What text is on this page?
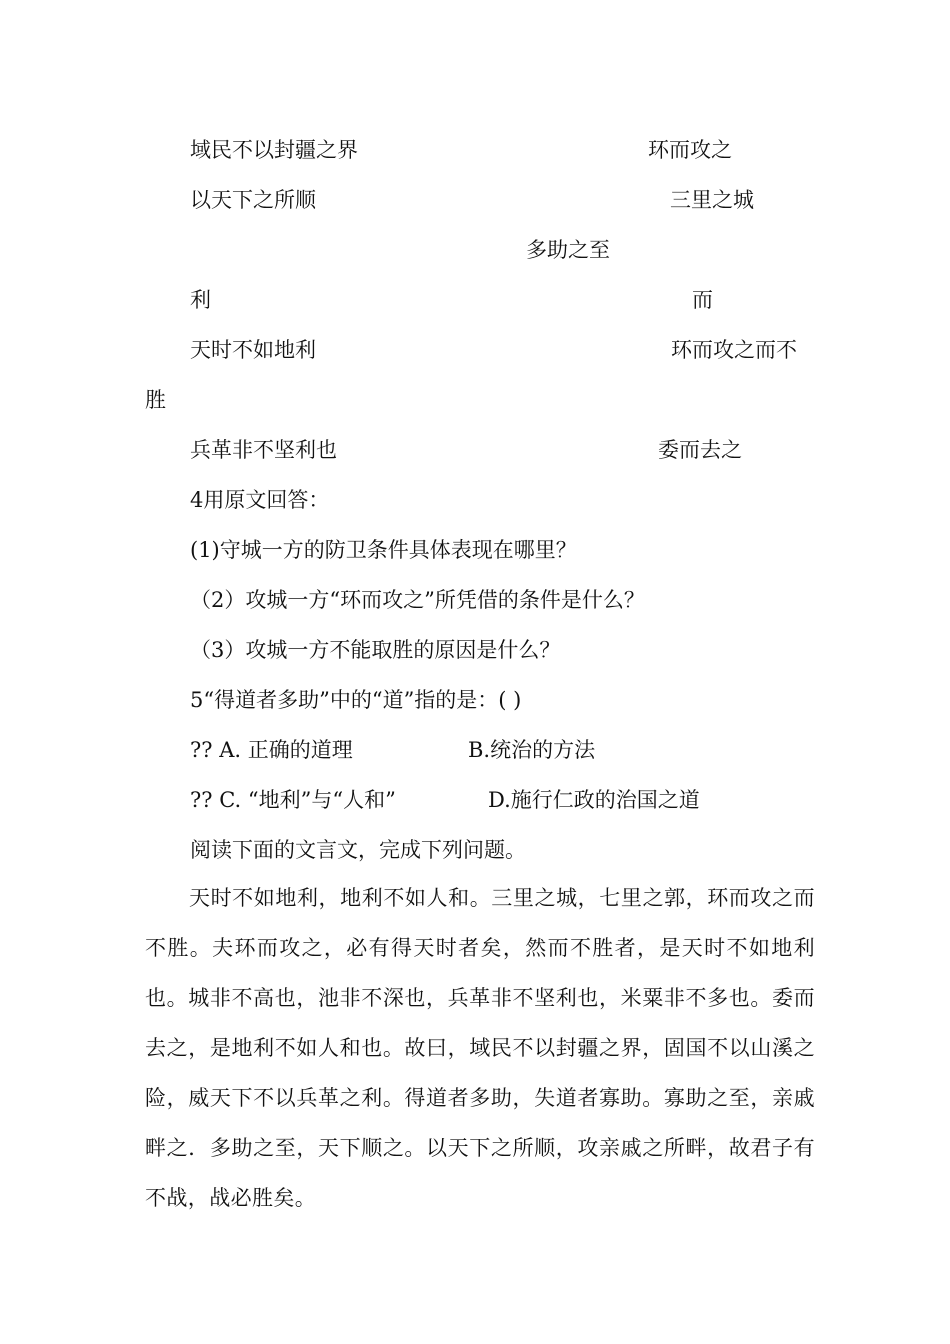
域民不以封疆之界	环而攻之
以天下之所顺	三里之城
多助之至
利	而
天时不如地利	环而攻之而不
胜
兵革非不坚利也	委而去之
4用原文回答：
(1)守城一方的防卫条件具体表现在哪里？
（2）攻城一方“环而攻之”所凭借的条件是什么？
（3）攻城一方不能取胜的原因是什么？
5“得道者多助”中的“道”指的是：( )
?? A. 正确的道理	B.统治的方法
?? C. “地利”与“人和”	D.施行仁政的治国之道
阅读下面的文言文，完成下列问题。
天时不如地利，地利不如人和。三里之城，七里之郭，环而攻之而不胜。夫环而攻之，必有得天时者矣，然而不胜者，是天时不如地利也。城非不高也，池非不深也，兵革非不坚利也，米粟非不多也。委而去之，是地利不如人和也。故曰，域民不以封疆之界，固国不以山溪之险，威天下不以兵革之利。得道者多助，失道者寡助。寡助之至，亲戚畔之．多助之至，天下顺之。以天下之所顺，攻亲戚之所畔，故君子有不战，战必胜矣。
